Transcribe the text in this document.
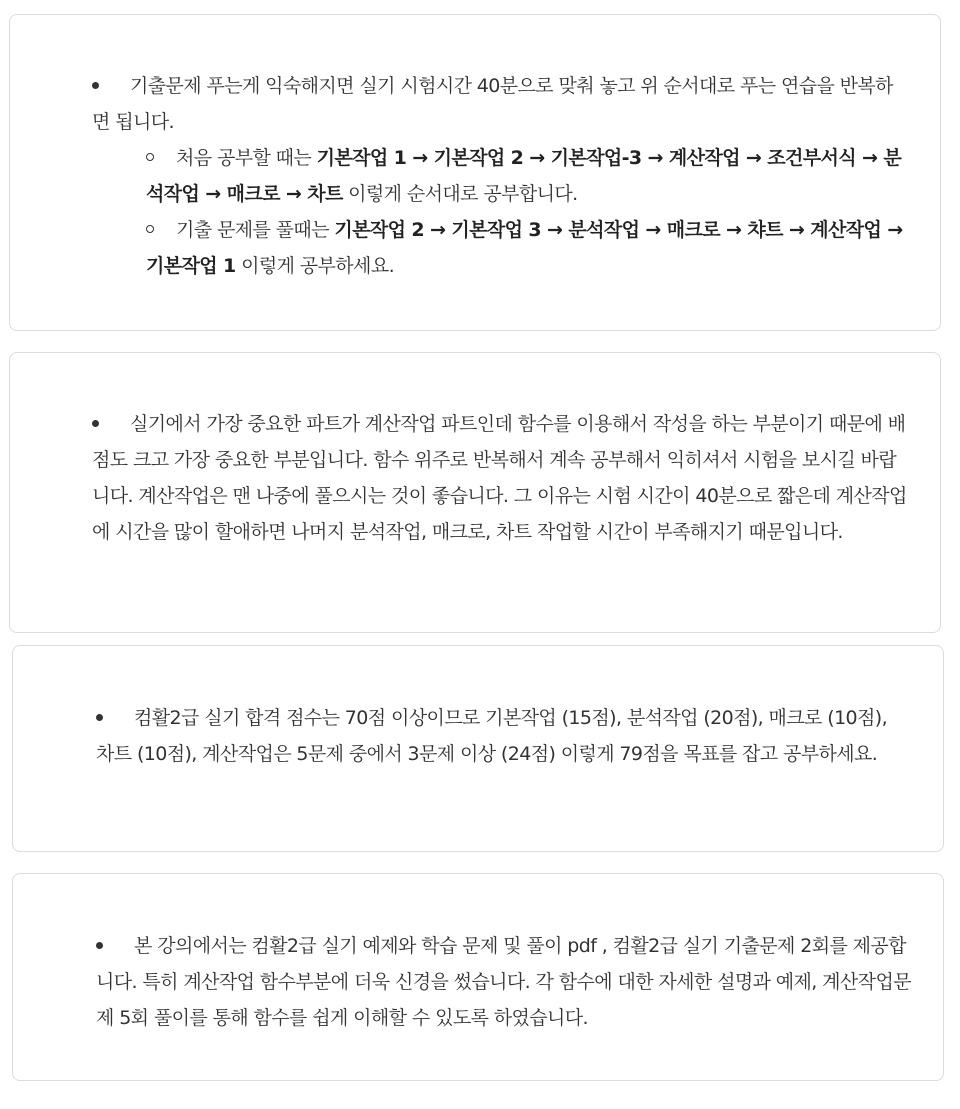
기출문제 푸는게 익숙해지면 실기 시험시간 40분으로 맞춰 놓고 위 순서대로 푸는 연습을 반복하면 됩니다.
처음 공부할 때는 기본작업 1 → 기본작업 2 → 기본작업-3 → 계산작업 → 조건부서식 → 분석작업 → 매크로 → 차트 이렇게 순서대로 공부합니다.
기출 문제를 풀때는 기본작업 2 → 기본작업 3 → 분석작업 → 매크로 → 챠트 → 계산작업 → 기본작업 1 이렇게 공부하세요.
실기에서 가장 중요한 파트가 계산작업 파트인데 함수를 이용해서 작성을 하는 부분이기 때문에 배점도 크고 가장 중요한 부분입니다. 함수 위주로 반복해서 계속 공부해서 익히셔서 시험을 보시길 바랍니다. 계산작업은 맨 나중에 풀으시는 것이 좋습니다. 그 이유는 시험 시간이 40분으로 짧은데 계산작업에 시간을 많이 할애하면 나머지 분석작업, 매크로, 차트 작업할 시간이 부족해지기 때문입니다.
컴활2급 실기 합격 점수는 70점 이상이므로 기본작업 (15점), 분석작업 (20점), 매크로 (10점), 차트 (10점), 계산작업은 5문제 중에서 3문제 이상 (24점) 이렇게 79점을 목표를 잡고 공부하세요.
본 강의에서는 컴활2급 실기 예제와 학습 문제 및 풀이 pdf , 컴활2급 실기 기출문제 2회를 제공합니다. 특히 계산작업 함수부분에 더욱 신경을 썼습니다. 각 함수에 대한 자세한 설명과 예제, 계산작업문제 5회 풀이를 통해 함수를 쉽게 이해할 수 있도록 하였습니다.
